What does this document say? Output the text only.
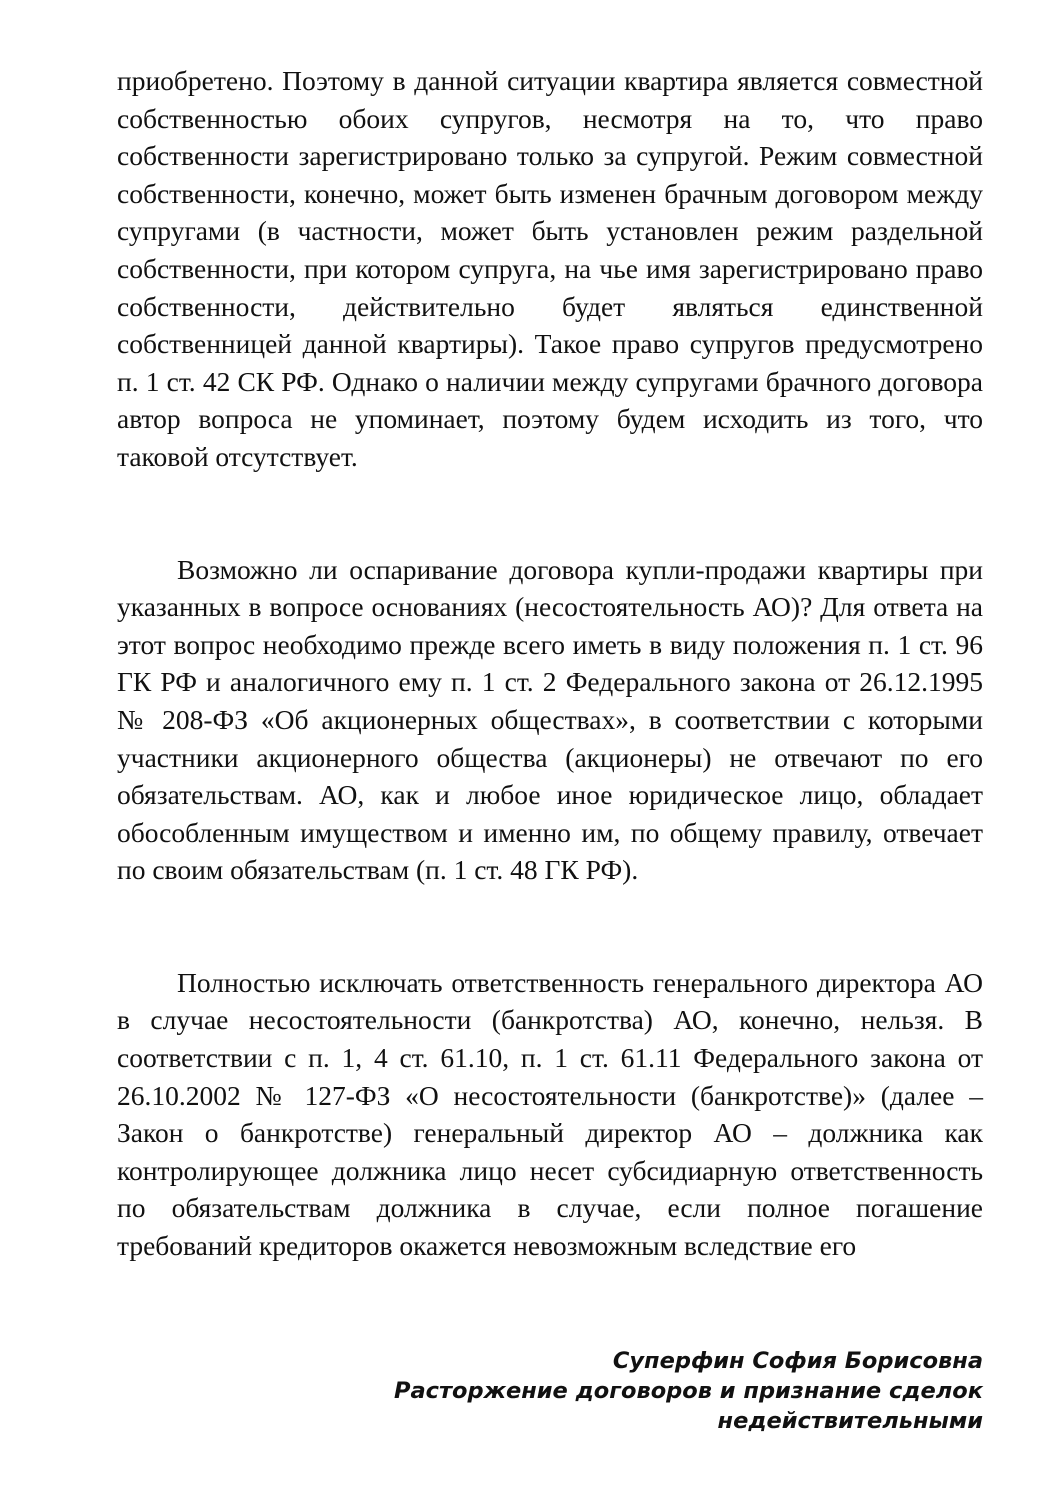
приобретено. Поэтому в данной ситуации квартира является совместной собственностью обоих супругов, несмотря на то, что право собственности зарегистрировано только за супругой. Режим совместной собственности, конечно, может быть изменен брачным договором между супругами (в частности, может быть установлен режим раздельной собственности, при котором супруга, на чье имя зарегистрировано право собственности, действительно будет являться единственной собственницей данной квартиры). Такое право супругов предусмотрено п. 1 ст. 42 СК РФ. Однако о наличии между супругами брачного договора автор вопроса не упоминает, поэтому будем исходить из того, что таковой отсутствует.

Возможно ли оспаривание договора купли-продажи квартиры при указанных в вопросе основаниях (несостоятельность АО)? Для ответа на этот вопрос необходимо прежде всего иметь в виду положения п. 1 ст. 96 ГК РФ и аналогичного ему п. 1 ст. 2 Федерального закона от 26.12.1995 № 208-ФЗ «Об акционерных обществах», в соответствии с которыми участники акционерного общества (акционеры) не отвечают по его обязательствам. АО, как и любое иное юридическое лицо, обладает обособленным имуществом и именно им, по общему правилу, отвечает по своим обязательствам (п. 1 ст. 48 ГК РФ).

Полностью исключать ответственность генерального директора АО в случае несостоятельности (банкротства) АО, конечно, нельзя. В соответствии с п. 1, 4 ст. 61.10, п. 1 ст. 61.11 Федерального закона от 26.10.2002 № 127-ФЗ «О несостоятельности (банкротстве)» (далее – Закон о банкротстве) генеральный директор АО – должника как контролирующее должника лицо несет субсидиарную ответственность по обязательствам должника в случае, если полное погашение требований кредиторов окажется невозможным вследствие его

Суперфин София Борисовна
Расторжение договоров и признание сделок
недействительными
